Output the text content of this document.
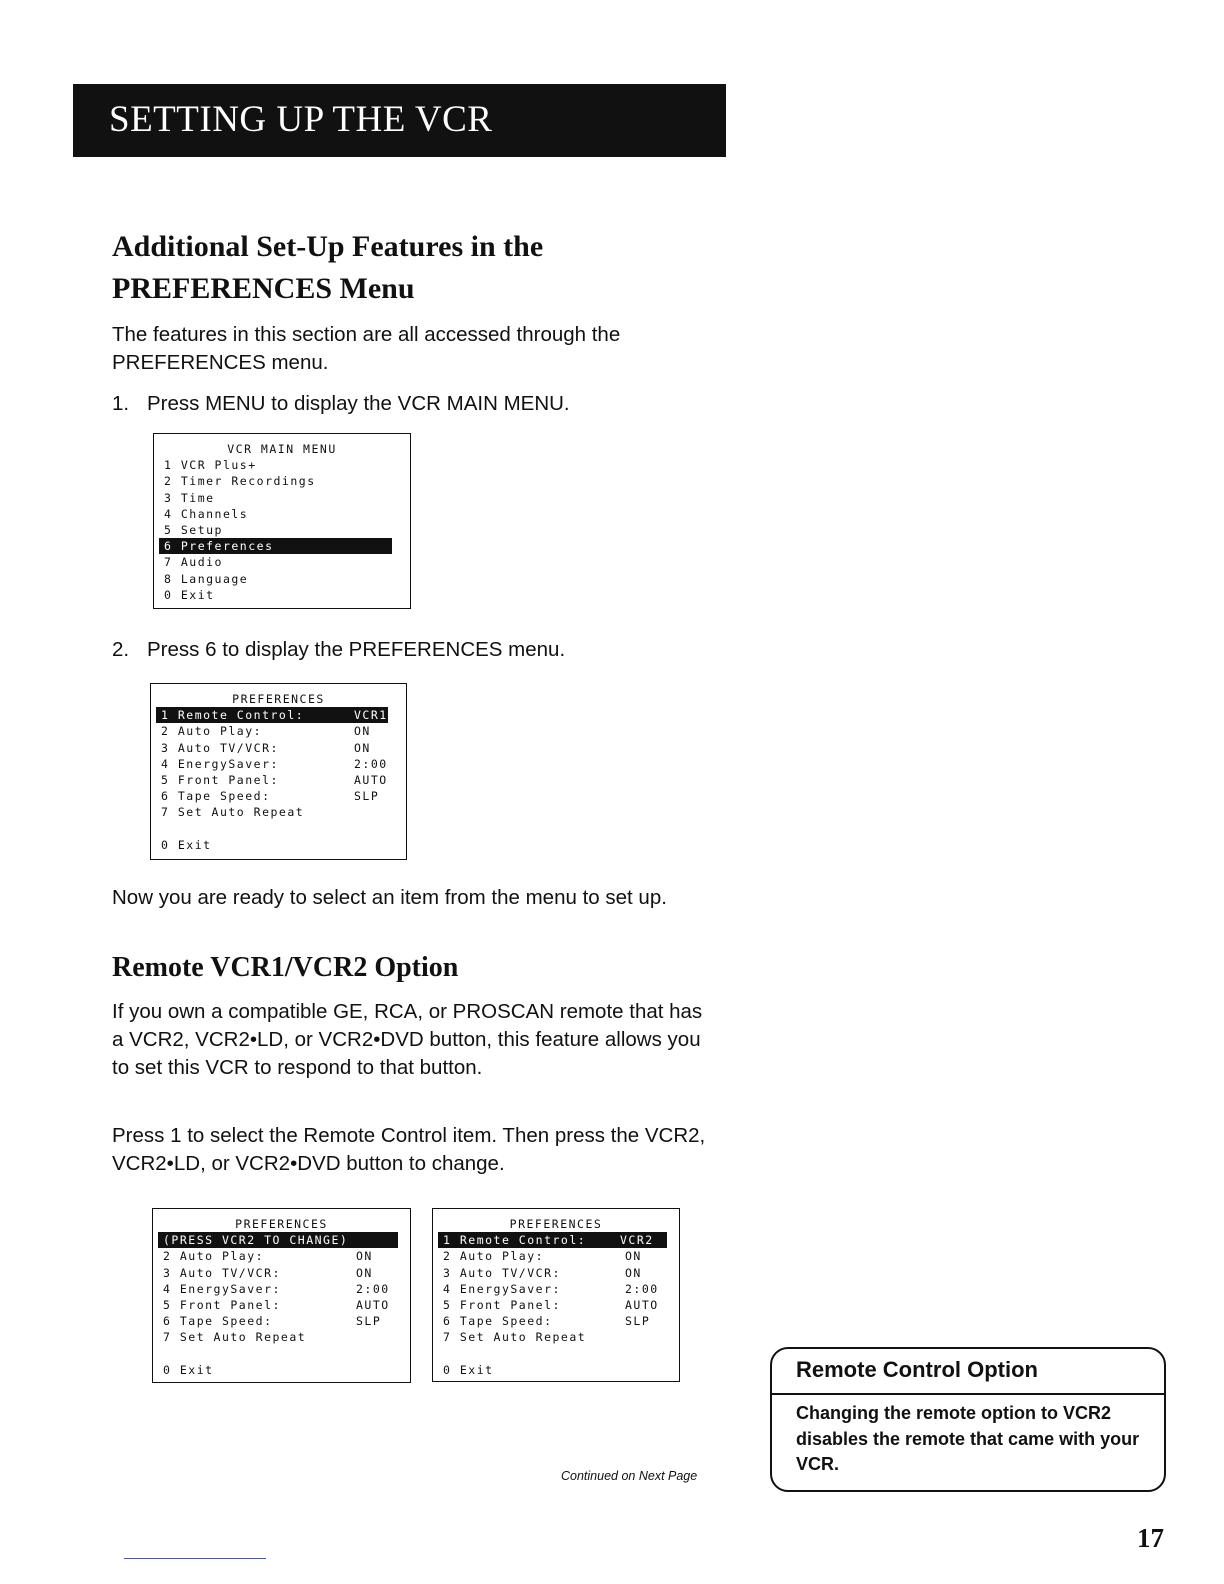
SETTING UP THE VCR
Additional Set-Up Features in the
PREFERENCES Menu
The features in this section are all accessed through the PREFERENCES menu.
1. Press MENU to display the VCR MAIN MENU.
VCR MAIN MENU
1 VCR Plus+
2 Timer Recordings
3 Time
4 Channels
5 Setup
6 Preferences
7 Audio
8 Language
0 Exit
2. Press 6 to display the PREFERENCES menu.
PREFERENCES
1 Remote Control:	VCR1
2 Auto Play:	ON
3 Auto TV/VCR:	ON
4 EnergySaver:	2:00
5 Front Panel:	AUTO
6 Tape Speed:	SLP
7 Set Auto Repeat
0 Exit
Now you are ready to select an item from the menu to set up.
Remote VCR1/VCR2 Option
If you own a compatible GE, RCA, or PROSCAN remote that has a VCR2, VCR2•LD, or VCR2•DVD button, this feature allows you to set this VCR to respond to that button.
Press 1 to select the Remote Control item. Then press the VCR2, VCR2•LD, or VCR2•DVD button to change.
PREFERENCES
(PRESS VCR2 TO CHANGE)
2 Auto Play:	ON
3 Auto TV/VCR:	ON
4 EnergySaver:	2:00
5 Front Panel:	AUTO
6 Tape Speed:	SLP
7 Set Auto Repeat
0 Exit
PREFERENCES
1 Remote Control:	VCR2
2 Auto Play:	ON
3 Auto TV/VCR:	ON
4 EnergySaver:	2:00
5 Front Panel:	AUTO
6 Tape Speed:	SLP
7 Set Auto Repeat
0 Exit
Continued on Next Page
Remote Control Option
Changing the remote option to VCR2 disables the remote that came with your VCR.
17
